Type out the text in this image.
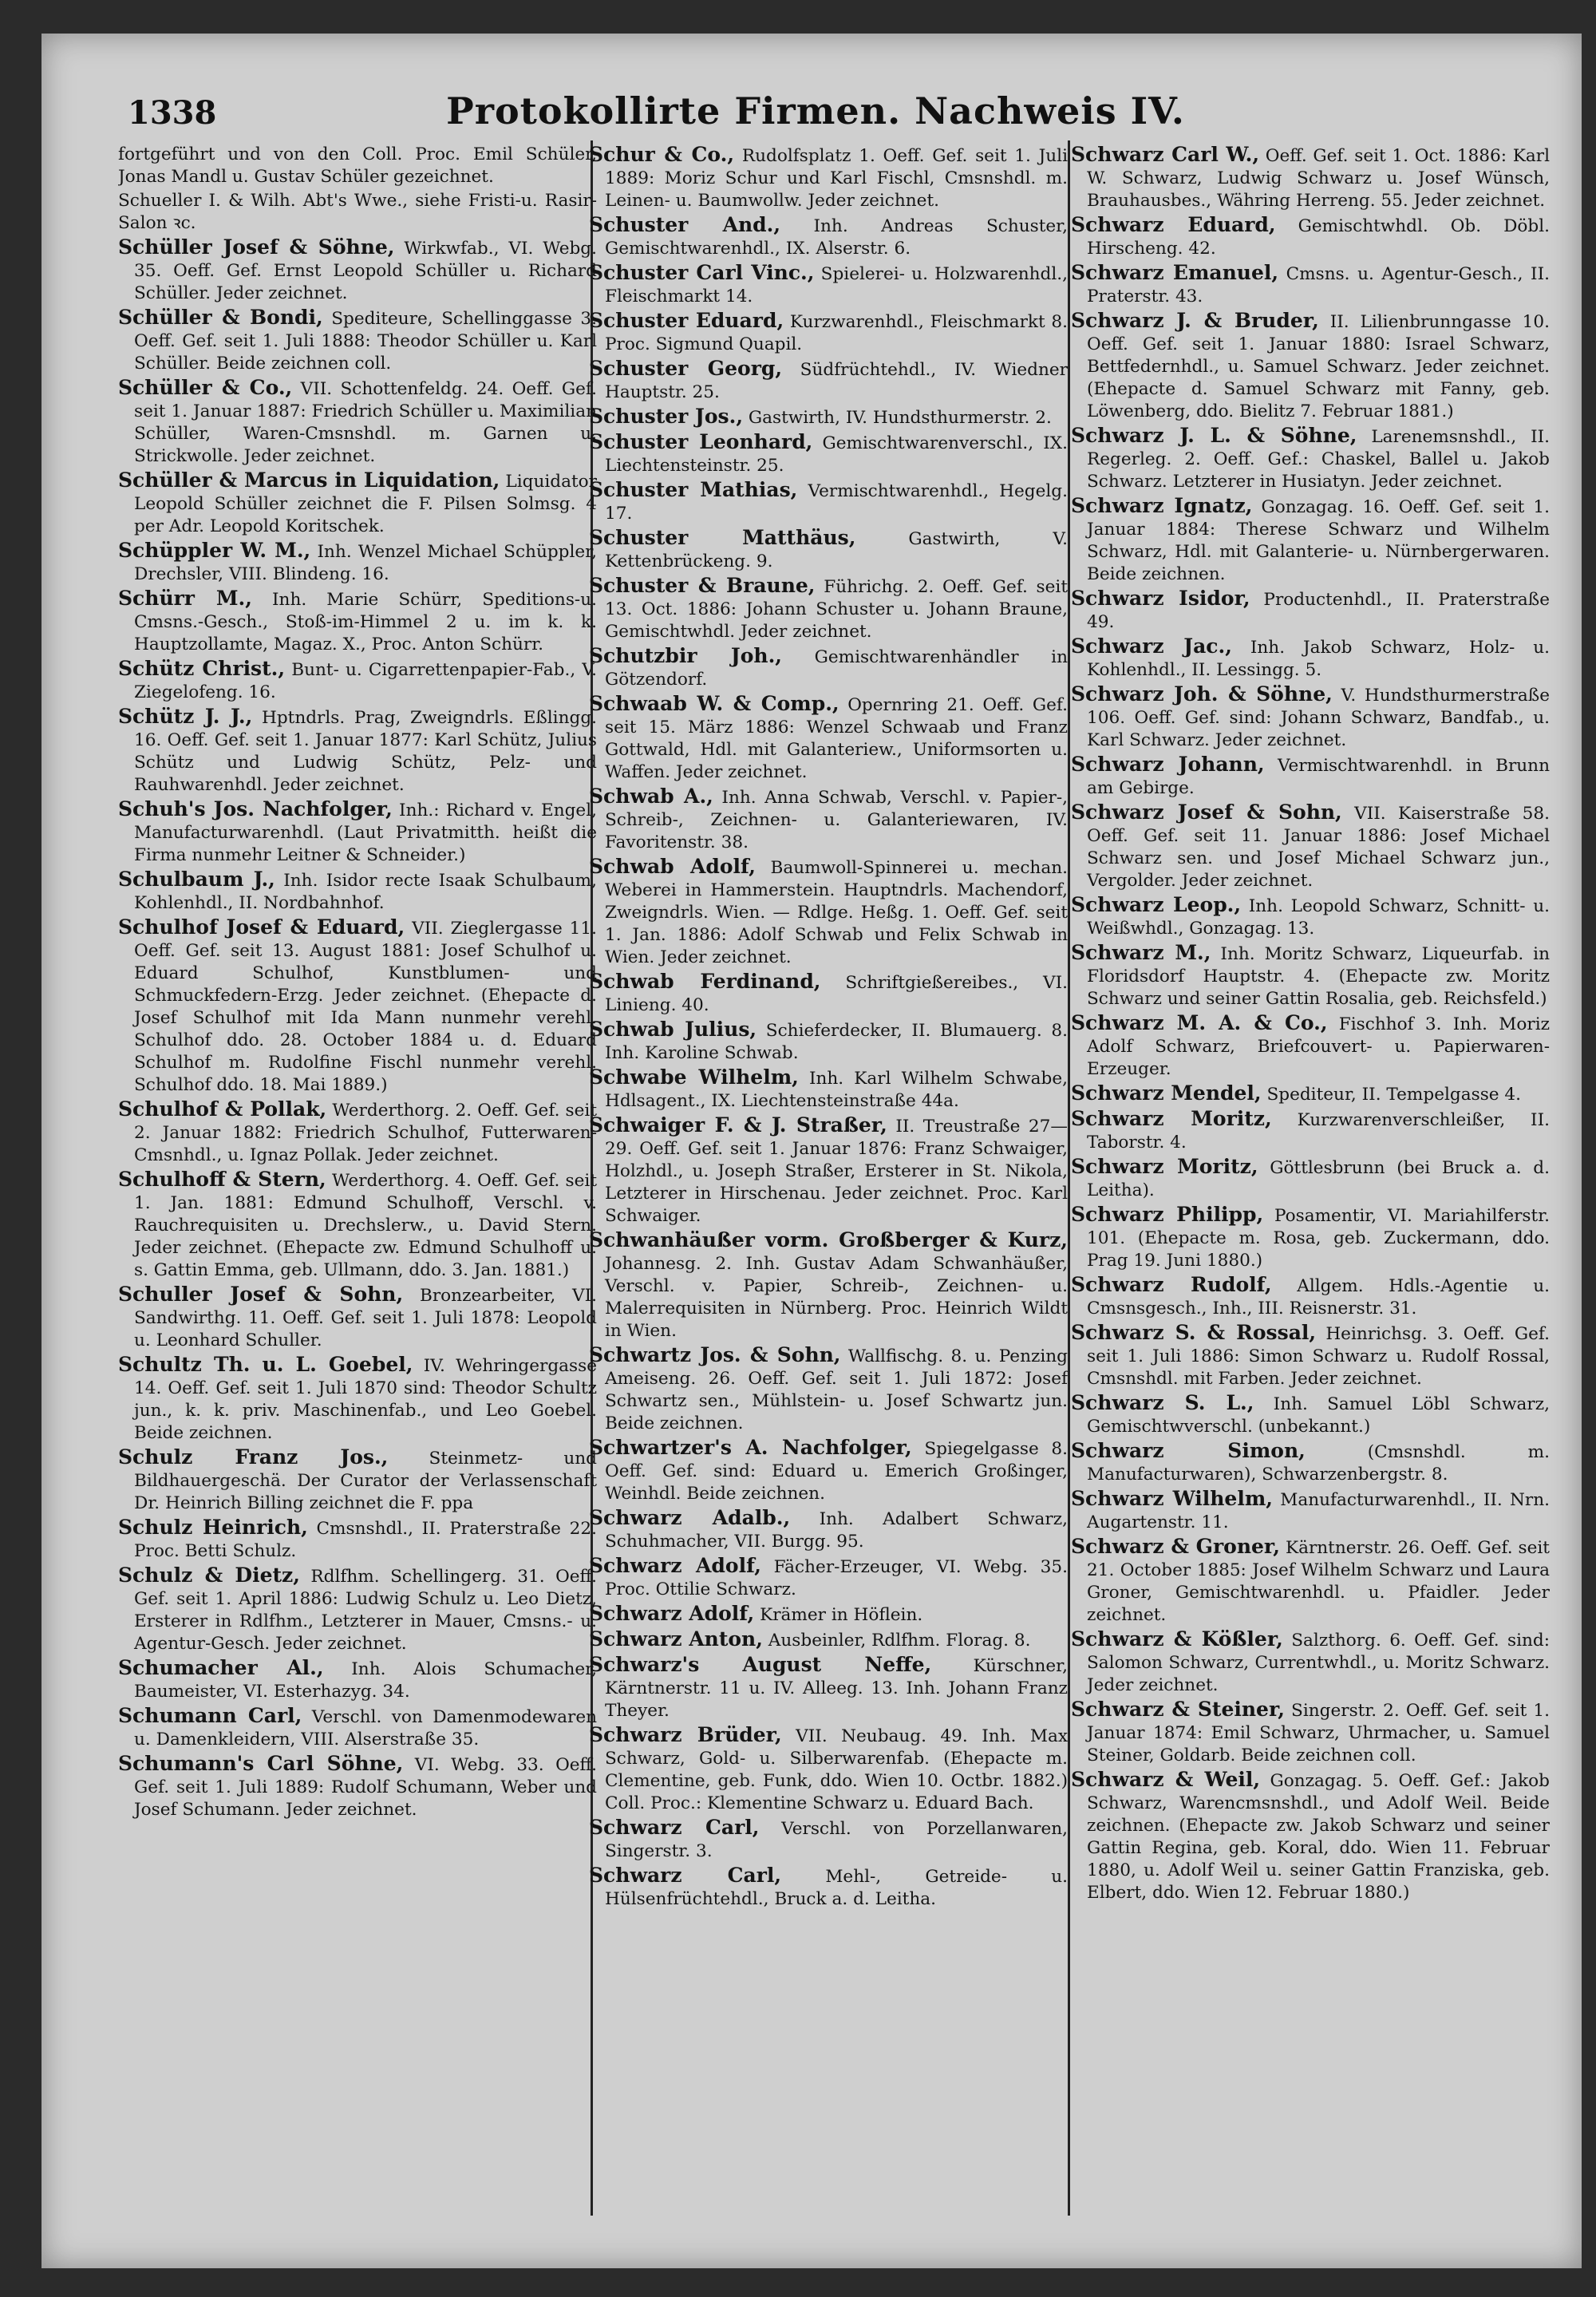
1338	Protokollirte Firmen. Nachweis IV.

fortgeführt und von den Coll. Proc. Emil Schüler, Jonas Mandl u. Gustav Schüler gezeichnet.

Schueller I. & Wilh. Abt's Wwe., siehe Fristi-u. Rasir-Salon ꝛc.

Schüller Josef & Söhne, Wirkwfab., VI. Webg. 35. Oeff. Gef. Ernst Leopold Schüller u. Richard Schüller. Jeder zeichnet.

Schüller & Bondi, Spediteure, Schellinggasse 3. Oeff. Gef. seit 1. Juli 1888: Theodor Schüller u. Karl Schüller. Beide zeichnen coll.

Schüller & Co., VII. Schottenfeldg. 24. Oeff. Gef. seit 1. Januar 1887: Friedrich Schüller u. Maximilian Schüller, Waren-Cmsnshdl. m. Garnen u. Strickwolle. Jeder zeichnet.

Schüller & Marcus in Liquidation, Liquidator Leopold Schüller zeichnet die F. Pilsen Solmsg. 4 per Adr. Leopold Koritschek.

Schüppler W. M., Inh. Wenzel Michael Schüppler, Drechsler, VIII. Blindeng. 16.

Schürr M., Inh. Marie Schürr, Speditions-u. Cmsns.-Gesch., Stoß-im-Himmel 2 u. im k. k. Hauptzollamte, Magaz. X., Proc. Anton Schürr.

Schütz Christ., Bunt- u. Cigarrettenpapier-Fab., V. Ziegelofeng. 16.

Schütz J. J., Hptndrls. Prag, Zweigndrls. Eßlingg. 16. Oeff. Gef. seit 1. Januar 1877: Karl Schütz, Julius Schütz und Ludwig Schütz, Pelz- und Rauhwarenhdl. Jeder zeichnet.

Schuh's Jos. Nachfolger, Inh.: Richard v. Engel, Manufacturwarenhdl. (Laut Privatmitth. heißt die Firma nunmehr Leitner & Schneider.)

Schulbaum J., Inh. Isidor recte Isaak Schulbaum, Kohlenhdl., II. Nordbahnhof.

Schulhof Josef & Eduard, VII. Zieglergasse 11. Oeff. Gef. seit 13. August 1881: Josef Schulhof u. Eduard Schulhof, Kunstblumen- und Schmuckfedern-Erzg. Jeder zeichnet. (Ehepacte d. Josef Schulhof mit Ida Mann nunmehr verehl. Schulhof ddo. 28. October 1884 u. d. Eduard Schulhof m. Rudolfine Fischl nunmehr verehl. Schulhof ddo. 18. Mai 1889.)

Schulhof & Pollak, Werderthorg. 2. Oeff. Gef. seit 2. Januar 1882: Friedrich Schulhof, Futterwaren-Cmsnhdl., u. Ignaz Pollak. Jeder zeichnet.

Schulhoff & Stern, Werderthorg. 4. Oeff. Gef. seit 1. Jan. 1881: Edmund Schulhoff, Verschl. v. Rauchrequisiten u. Drechslerw., u. David Stern. Jeder zeichnet. (Ehepacte zw. Edmund Schulhoff u. s. Gattin Emma, geb. Ullmann, ddo. 3. Jan. 1881.)

Schuller Josef & Sohn, Bronzearbeiter, VI. Sandwirthg. 11. Oeff. Gef. seit 1. Juli 1878: Leopold u. Leonhard Schuller.

Schultz Th. u. L. Goebel, IV. Wehringergasse 14. Oeff. Gef. seit 1. Juli 1870 sind: Theodor Schultz jun., k. k. priv. Maschinenfab., und Leo Goebel. Beide zeichnen.

Schulz Franz Jos., Steinmetz- und Bildhauergeschä. Der Curator der Verlassenschaft Dr. Heinrich Billing zeichnet die F. ppa

Schulz Heinrich, Cmsnshdl., II. Praterstraße 22. Proc. Betti Schulz.

Schulz & Dietz, Rdlfhm. Schellingerg. 31. Oeff. Gef. seit 1. April 1886: Ludwig Schulz u. Leo Dietz, Ersterer in Rdlfhm., Letzterer in Mauer, Cmsns.- u. Agentur-Gesch. Jeder zeichnet.

Schumacher Al., Inh. Alois Schumacher, Baumeister, VI. Esterhazyg. 34.

Schumann Carl, Verschl. von Damenmodewaren u. Damenkleidern, VIII. Alserstraße 35.

Schumann's Carl Söhne, VI. Webg. 33. Oeff. Gef. seit 1. Juli 1889: Rudolf Schumann, Weber und Josef Schumann. Jeder zeichnet.

Schur & Co., Rudolfsplatz 1. Oeff. Gef. seit 1. Juli 1889: Moriz Schur und Karl Fischl, Cmsnshdl. m. Leinen- u. Baumwollw. Jeder zeichnet.

Schuster And., Inh. Andreas Schuster, Gemischtwarenhdl., IX. Alserstr. 6.

Schuster Carl Vinc., Spielerei- u. Holzwarenhdl., Fleischmarkt 14.

Schuster Eduard, Kurzwarenhdl., Fleischmarkt 8. Proc. Sigmund Quapil.

Schuster Georg, Südfrüchtehdl., IV. Wiedner Hauptstr. 25.

Schuster Jos., Gastwirth, IV. Hundsthurmerstr. 2.

Schuster Leonhard, Gemischtwarenverschl., IX. Liechtensteinstr. 25.

Schuster Mathias, Vermischtwarenhdl., Hegelg. 17.

Schuster Matthäus,	Gastwirth, V. Kettenbrückeng. 9.

Schuster & Braune, Führichg. 2. Oeff. Gef. seit 13. Oct. 1886: Johann Schuster u. Johann Braune, Gemischtwhdl. Jeder zeichnet.

Schutzbir Joh., Gemischtwarenhändler in Götzendorf.

Schwaab W. & Comp., Opernring 21. Oeff. Gef. seit 15. März 1886: Wenzel Schwaab und Franz Gottwald, Hdl. mit Galanteriew., Uniformsorten u. Waffen. Jeder zeichnet.

Schwab A., Inh. Anna Schwab, Verschl. v. Papier-, Schreib-, Zeichnen- u. Galanteriewaren, IV. Favoritenstr. 38.

Schwab Adolf, Baumwoll-Spinnerei u. mechan. Weberei in Hammerstein. Hauptndrls. Machendorf, Zweigndrls. Wien. — Rdlge. Heßg. 1. Oeff. Gef. seit 1. Jan. 1886: Adolf Schwab und Felix Schwab in Wien. Jeder zeichnet.

Schwab Ferdinand, Schriftgießereibes., VI. Linieng. 40.

Schwab Julius, Schieferdecker, II. Blumauerg. 8. Inh. Karoline Schwab.

Schwabe Wilhelm, Inh. Karl Wilhelm Schwabe, Hdlsagent., IX. Liechtensteinstraße 44a.

Schwaiger F. & J. Straßer, II. Treustraße 27—29. Oeff. Gef. seit 1. Januar 1876: Franz Schwaiger, Holzhdl., u. Joseph Straßer, Ersterer in St. Nikola, Letzterer in Hirschenau. Jeder zeichnet. Proc. Karl Schwaiger.

Schwanhäußer vorm. Großberger & Kurz, Johannesg. 2. Inh. Gustav Adam Schwanhäußer, Verschl. v. Papier, Schreib-, Zeichnen- u. Malerrequisiten in Nürnberg. Proc. Heinrich Wildt in Wien.

Schwartz Jos. & Sohn, Wallfischg. 8. u. Penzing Ameiseng. 26. Oeff. Gef. seit 1. Juli 1872: Josef Schwartz sen., Mühlstein- u. Josef Schwartz jun. Beide zeichnen.

Schwartzer's A. Nachfolger, Spiegelgasse 8. Oeff. Gef. sind: Eduard u. Emerich Großinger, Weinhdl. Beide zeichnen.

Schwarz Adalb., Inh. Adalbert Schwarz, Schuhmacher, VII. Burgg. 95.

Schwarz Adolf, Fächer-Erzeuger, VI. Webg. 35. Proc. Ottilie Schwarz.

Schwarz Adolf, Krämer in Höflein.

Schwarz Anton, Ausbeinler, Rdlfhm. Florag. 8.

Schwarz's August Neffe, Kürschner, Kärntnerstr. 11 u. IV. Alleeg. 13. Inh. Johann Franz Theyer.

Schwarz Brüder, VII. Neubaug. 49. Inh. Max Schwarz, Gold- u. Silberwarenfab. (Ehepacte m. Clementine, geb. Funk, ddo. Wien 10. Octbr. 1882.) Coll. Proc.: Klementine Schwarz u. Eduard Bach.

Schwarz Carl, Verschl. von Porzellanwaren, Singerstr. 3.

Schwarz Carl,	Mehl-, Getreide- u. Hülsenfrüchtehdl., Bruck a. d. Leitha.

Schwarz Carl W., Oeff. Gef. seit 1. Oct. 1886: Karl W. Schwarz, Ludwig Schwarz u. Josef Wünsch, Brauhausbes., Währing Herreng. 55. Jeder zeichnet.

Schwarz Eduard, Gemischtwhdl. Ob. Döbl. Hirscheng. 42.

Schwarz Emanuel, Cmsns. u. Agentur-Gesch., II. Praterstr. 43.

Schwarz J. & Bruder, II. Lilienbrunngasse 10. Oeff. Gef. seit 1. Januar 1880: Israel Schwarz, Bettfedernhdl., u. Samuel Schwarz. Jeder zeichnet. (Ehepacte d. Samuel Schwarz mit Fanny, geb. Löwenberg, ddo. Bielitz 7. Februar 1881.)

Schwarz J. L. & Söhne, Larenemsnshdl., II. Regerleg. 2. Oeff. Gef.: Chaskel, Ballel u. Jakob Schwarz. Letzterer in Husiatyn. Jeder zeichnet.

Schwarz Ignatz, Gonzagag. 16. Oeff. Gef. seit 1. Januar 1884: Therese Schwarz und Wilhelm Schwarz, Hdl. mit Galanterie- u. Nürnbergerwaren. Beide zeichnen.

Schwarz Isidor, Productenhdl., II. Praterstraße 49.

Schwarz Jac., Inh. Jakob Schwarz, Holz- u. Kohlenhdl., II. Lessingg. 5.

Schwarz Joh. & Söhne, V. Hundsthurmerstraße 106. Oeff. Gef. sind: Johann Schwarz, Bandfab., u. Karl Schwarz. Jeder zeichnet.

Schwarz Johann, Vermischtwarenhdl. in Brunn am Gebirge.

Schwarz Josef & Sohn, VII. Kaiserstraße 58. Oeff. Gef. seit 11. Januar 1886: Josef Michael Schwarz sen. und Josef Michael Schwarz jun., Vergolder. Jeder zeichnet.

Schwarz Leop., Inh. Leopold Schwarz, Schnitt- u. Weißwhdl., Gonzagag. 13.

Schwarz M., Inh. Moritz Schwarz, Liqueurfab. in Floridsdorf Hauptstr. 4. (Ehepacte zw. Moritz Schwarz und seiner Gattin Rosalia, geb. Reichsfeld.)

Schwarz M. A. & Co., Fischhof 3. Inh. Moriz Adolf Schwarz, Briefcouvert- u. Papierwaren-Erzeuger.

Schwarz Mendel, Spediteur, II. Tempelgasse 4.

Schwarz Moritz, Kurzwarenverschleißer, II. Taborstr. 4.

Schwarz Moritz, Göttlesbrunn (bei Bruck a. d. Leitha).

Schwarz Philipp, Posamentir, VI. Mariahilferstr. 101. (Ehepacte m. Rosa, geb. Zuckermann, ddo. Prag 19. Juni 1880.)

Schwarz Rudolf, Allgem. Hdls.-Agentie u. Cmsnsgesch., Inh., III. Reisnerstr. 31.

Schwarz S. & Rossal, Heinrichsg. 3. Oeff. Gef. seit 1. Juli 1886: Simon Schwarz u. Rudolf Rossal, Cmsnshdl. mit Farben. Jeder zeichnet.

Schwarz S. L., Inh. Samuel Löbl Schwarz, Gemischtwverschl. (unbekannt.)

Schwarz Simon,	(Cmsnshdl. m. Manufacturwaren), Schwarzenbergstr. 8.

Schwarz Wilhelm, Manufacturwarenhdl., II. Nrn. Augartenstr. 11.

Schwarz & Groner, Kärntnerstr. 26. Oeff. Gef. seit 21. October 1885: Josef Wilhelm Schwarz und Laura Groner, Gemischtwarenhdl. u. Pfaidler. Jeder zeichnet.

Schwarz & Kößler, Salzthorg. 6. Oeff. Gef. sind: Salomon Schwarz, Currentwhdl., u. Moritz Schwarz. Jeder zeichnet.

Schwarz & Steiner, Singerstr. 2. Oeff. Gef. seit 1. Januar 1874: Emil Schwarz, Uhrmacher, u. Samuel Steiner, Goldarb. Beide zeichnen coll.

Schwarz & Weil, Gonzagag. 5. Oeff. Gef.: Jakob Schwarz, Warencmsnshdl., und Adolf Weil. Beide zeichnen. (Ehepacte zw. Jakob Schwarz und seiner Gattin Regina, geb. Koral, ddo. Wien 11. Februar 1880, u. Adolf Weil u. seiner Gattin Franziska, geb. Elbert, ddo. Wien 12. Februar 1880.)
